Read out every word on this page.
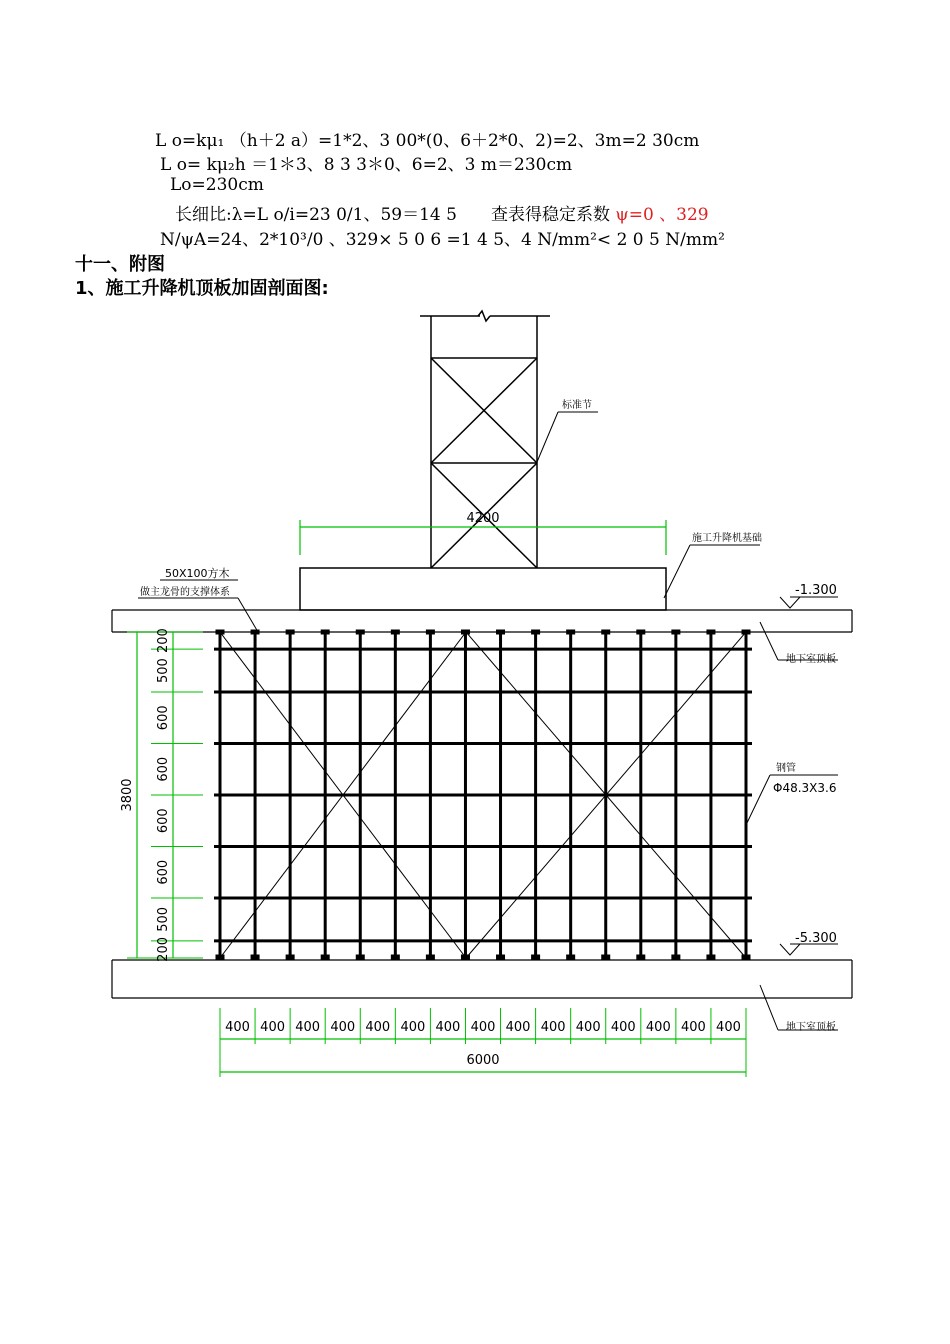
L o=kμ₁ （h＋2 a）=1*2、3 00*(0、6＋2*0、2)=2、3m=2 30cm
L o= kμ₂h ＝1＊3、8 3 3＊0、6=2、3 m＝230cm
Lo=230cm
长细比:λ=L o/i=23 0/1、59＝14 5　　查表得稳定系数 ψ=0 、329
N/ψA=24、2*10³/0 、329× 5 0 6 =1 4 5、4 N/mm²< 2 0 5 N/mm²
十一、附图
1、施工升降机顶板加固剖面图:
200
500
600
600
600
600
500
200
3800
400 400 400 400 400 400 400 400 400 400 400 400 400 400 400
6000
4200
标准节
施工升降机基础
50X100方木
做主龙骨的支撑体系
钢管
Φ48.3X3.6
地下室顶板
地下室顶板
-1.300
-5.300
